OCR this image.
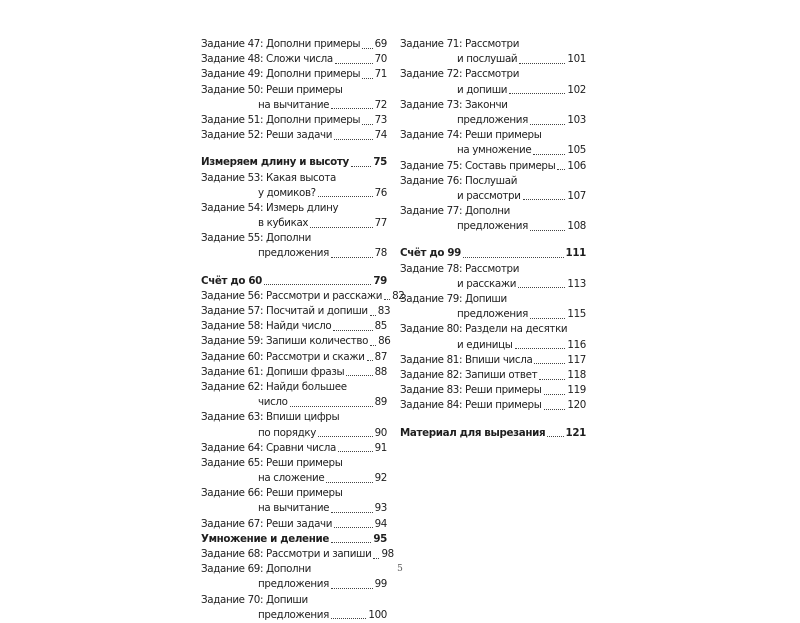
Задание 47:
Дополни примеры 69
Задание 48:
Сложи числа	70
Задание 49:
Дополни примеры 71
Задание 50:
Реши примеры
на вычитание	72
Задание 51:
Дополни примеры 73
Задание 52:
Реши задачи	74
Измеряем длину и высоту 75
Задание 53:
Какая высота
у домиков?	76
Задание 54:
Измерь длину
в кубиках	77
Задание 55:
Дополни
предложения	78
Счёт до 60	79
Задание 56:
Рассмотри и расскажи 82
Задание 57:
Посчитай и допиши 83
Задание 58:
Найди число	85
Задание 59:
Запиши количество 86
Задание 60:
Рассмотри и скажи 87
Задание 61:
Допиши фразы	88
Задание 62:
Найди большее
число	89
Задание 63:
Впиши цифры
по порядку	90
Задание 64:
Сравни числа	91
Задание 65:
Реши примеры
на сложение	92
Задание 66:
Реши примеры
на вычитание	93
Задание 67:
Реши задачи	94
Умножение и деление	95
Задание 68:
Рассмотри и запиши 98
Задание 69:
Дополни
предложения	99
Задание 70:
Допиши
предложения	100
Задание 71:
Рассмотри
и послушай	101
Задание 72:
Рассмотри
и допиши	102
Задание 73:
Закончи
предложения	103
Задание 74:
Реши примеры
на умножение	105
Задание 75:
Составь примеры 106
Задание 76:
Послушай
и рассмотри	107
Задание 77:
Дополни
предложения	108
Счёт до 99	111
Задание 78:
Рассмотри
и расскажи	113
Задание 79:
Допиши
предложения	115
Задание 80:
Раздели на десятки
и единицы	116
Задание 81:
Впиши числа	117
Задание 82:
Запиши ответ	118
Задание 83:
Реши примеры	119
Задание 84:
Реши примеры	120
Материал для вырезания 121
5
